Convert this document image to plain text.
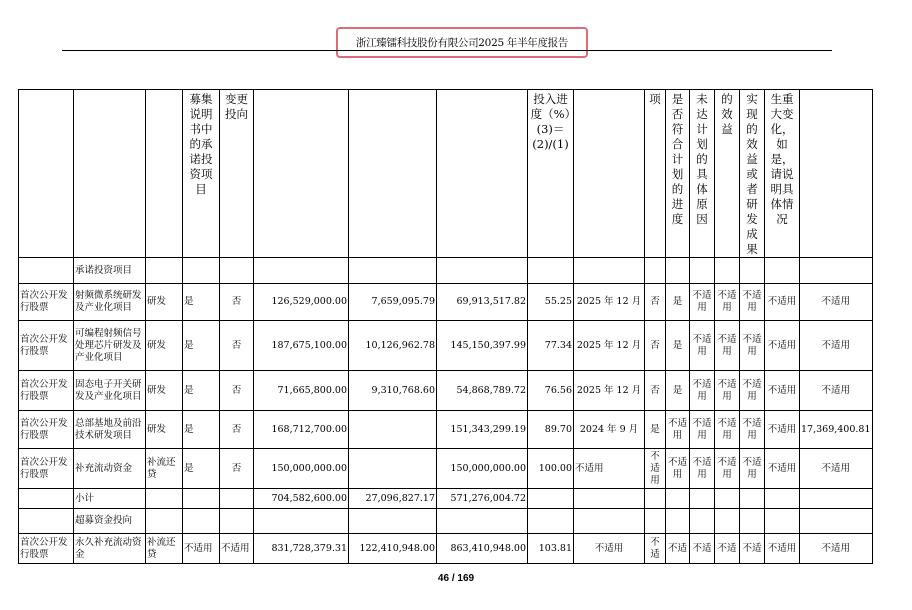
浙江臻镭科技股份有限公司2025 年半年度报告
			募集说明书中的承诺投资项目	变更投向				投入进度（%）(3)＝(2)/(1)		项	是否符合计划的进度	未达计划的具体原因	的效益	实现的效益或者研发成果	生重大变化，如是，请说明具体情况	
	承诺投资项目															
首次公开发行股票	射频微系统研发及产业化项目	研发	是	否	126,529,000.00	7,659,095.79	69,913,517.82	55.25	2025 年 12 月	否	是	不适用	不适用	不适用	不适用	不适用
首次公开发行股票	可编程射频信号处理芯片研发及产业化项目	研发	是	否	187,675,100.00	10,126,962.78	145,150,397.99	77.34	2025 年 12 月	否	是	不适用	不适用	不适用	不适用	不适用
首次公开发行股票	固态电子开关研发及产业化项目	研发	是	否	71,665,800.00	9,310,768.60	54,868,789.72	76.56	2025 年 12 月	否	是	不适用	不适用	不适用	不适用	不适用
首次公开发行股票	总部基地及前沿技术研发项目	研发	是	否	168,712,700.00		151,343,299.19	89.70	2024 年 9 月	是	不适用	不适用	不适用	不适用	不适用	17,369,400.81
首次公开发行股票	补充流动资金	补流还贷	是	否	150,000,000.00		150,000,000.00	100.00	不适用	不适用	不适用	不适用	不适用	不适用	不适用	不适用
	小计				704,582,600.00	27,096,827.17	571,276,004.72									
	超募资金投向															
首次公开发行股票	永久补充流动资金	补流还贷	不适用	不适用	831,728,379.31	122,410,948.00	863,410,948.00	103.81	不适用	不适	不适	不适	不适	不适	不适用	不适用
46 / 169
